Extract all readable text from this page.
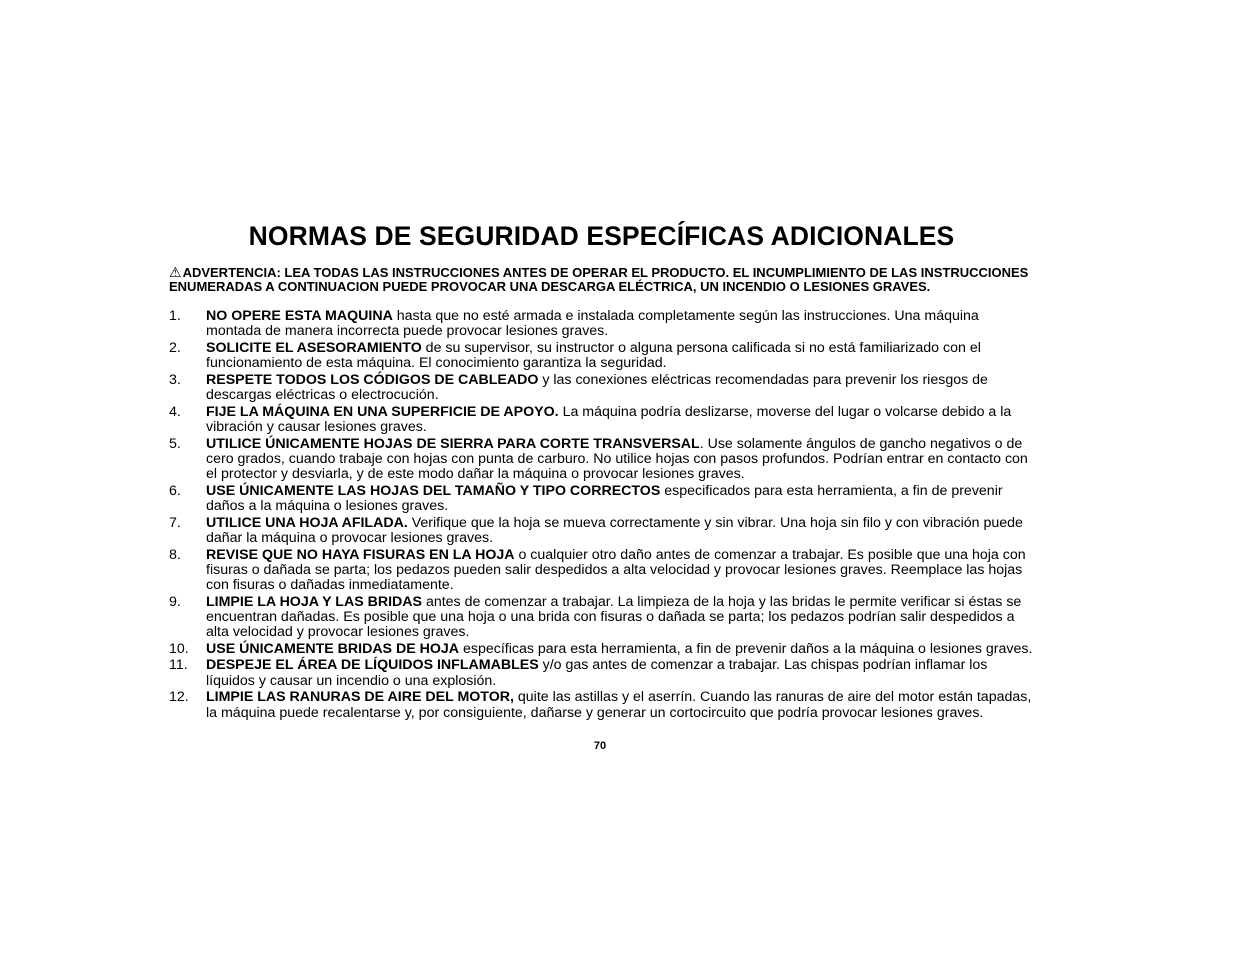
NORMAS DE SEGURIDAD ESPECÍFICAS ADICIONALES
⚠ADVERTENCIA: LEA TODAS LAS INSTRUCCIONES ANTES DE OPERAR EL PRODUCTO. EL INCUMPLIMIENTO DE LAS INSTRUCCIONES ENUMERADAS A CONTINUACION PUEDE PROVOCAR UNA DESCARGA ELÉCTRICA, UN INCENDIO O LESIONES GRAVES.
1. NO OPERE ESTA MAQUINA hasta que no esté armada e instalada completamente según las instrucciones. Una máquina montada de manera incorrecta puede provocar lesiones graves.
2. SOLICITE EL ASESORAMIENTO de su supervisor, su instructor o alguna persona calificada si no está familiarizado con el funcionamiento de esta máquina. El conocimiento garantiza la seguridad.
3. RESPETE TODOS LOS CÓDIGOS DE CABLEADO y las conexiones eléctricas recomendadas para prevenir los riesgos de descargas eléctricas o electrocución.
4. FIJE LA MÁQUINA EN UNA SUPERFICIE DE APOYO. La máquina podría deslizarse, moverse del lugar o volcarse debido a la vibración y causar lesiones graves.
5. UTILICE ÚNICAMENTE HOJAS DE SIERRA PARA CORTE TRANSVERSAL. Use solamente ángulos de gancho negativos o de cero grados, cuando trabaje con hojas con punta de carburo. No utilice hojas con pasos profundos. Podrían entrar en contacto con el protector y desviarla, y de este modo dañar la máquina o provocar lesiones graves.
6. USE ÚNICAMENTE LAS HOJAS DEL TAMAÑO Y TIPO CORRECTOS especificados para esta herramienta, a fin de prevenir daños a la máquina o lesiones graves.
7. UTILICE UNA HOJA AFILADA. Verifique que la hoja se mueva correctamente y sin vibrar. Una hoja sin filo y con vibración puede dañar la máquina o provocar lesiones graves.
8. REVISE QUE NO HAYA FISURAS EN LA HOJA o cualquier otro daño antes de comenzar a trabajar. Es posible que una hoja con fisuras o dañada se parta; los pedazos pueden salir despedidos a alta velocidad y provocar lesiones graves. Reemplace las hojas con fisuras o dañadas inmediatamente.
9. LIMPIE LA HOJA Y LAS BRIDAS antes de comenzar a trabajar. La limpieza de la hoja y las bridas le permite verificar si éstas se encuentran dañadas. Es posible que una hoja o una brida con fisuras o dañada se parta; los pedazos podrían salir despedidos a alta velocidad y provocar lesiones graves.
10. USE ÚNICAMENTE BRIDAS DE HOJA específicas para esta herramienta, a fin de prevenir daños a la máquina o lesiones graves.
11. DESPEJE EL ÁREA DE LÍQUIDOS INFLAMABLES y/o gas antes de comenzar a trabajar. Las chispas podrían inflamar los líquidos y causar un incendio o una explosión.
12. LIMPIE LAS RANURAS DE AIRE DEL MOTOR, quite las astillas y el aserrín. Cuando las ranuras de aire del motor están tapadas, la máquina puede recalentarse y, por consiguiente, dañarse y generar un cortocircuito que podría provocar lesiones graves.
70
